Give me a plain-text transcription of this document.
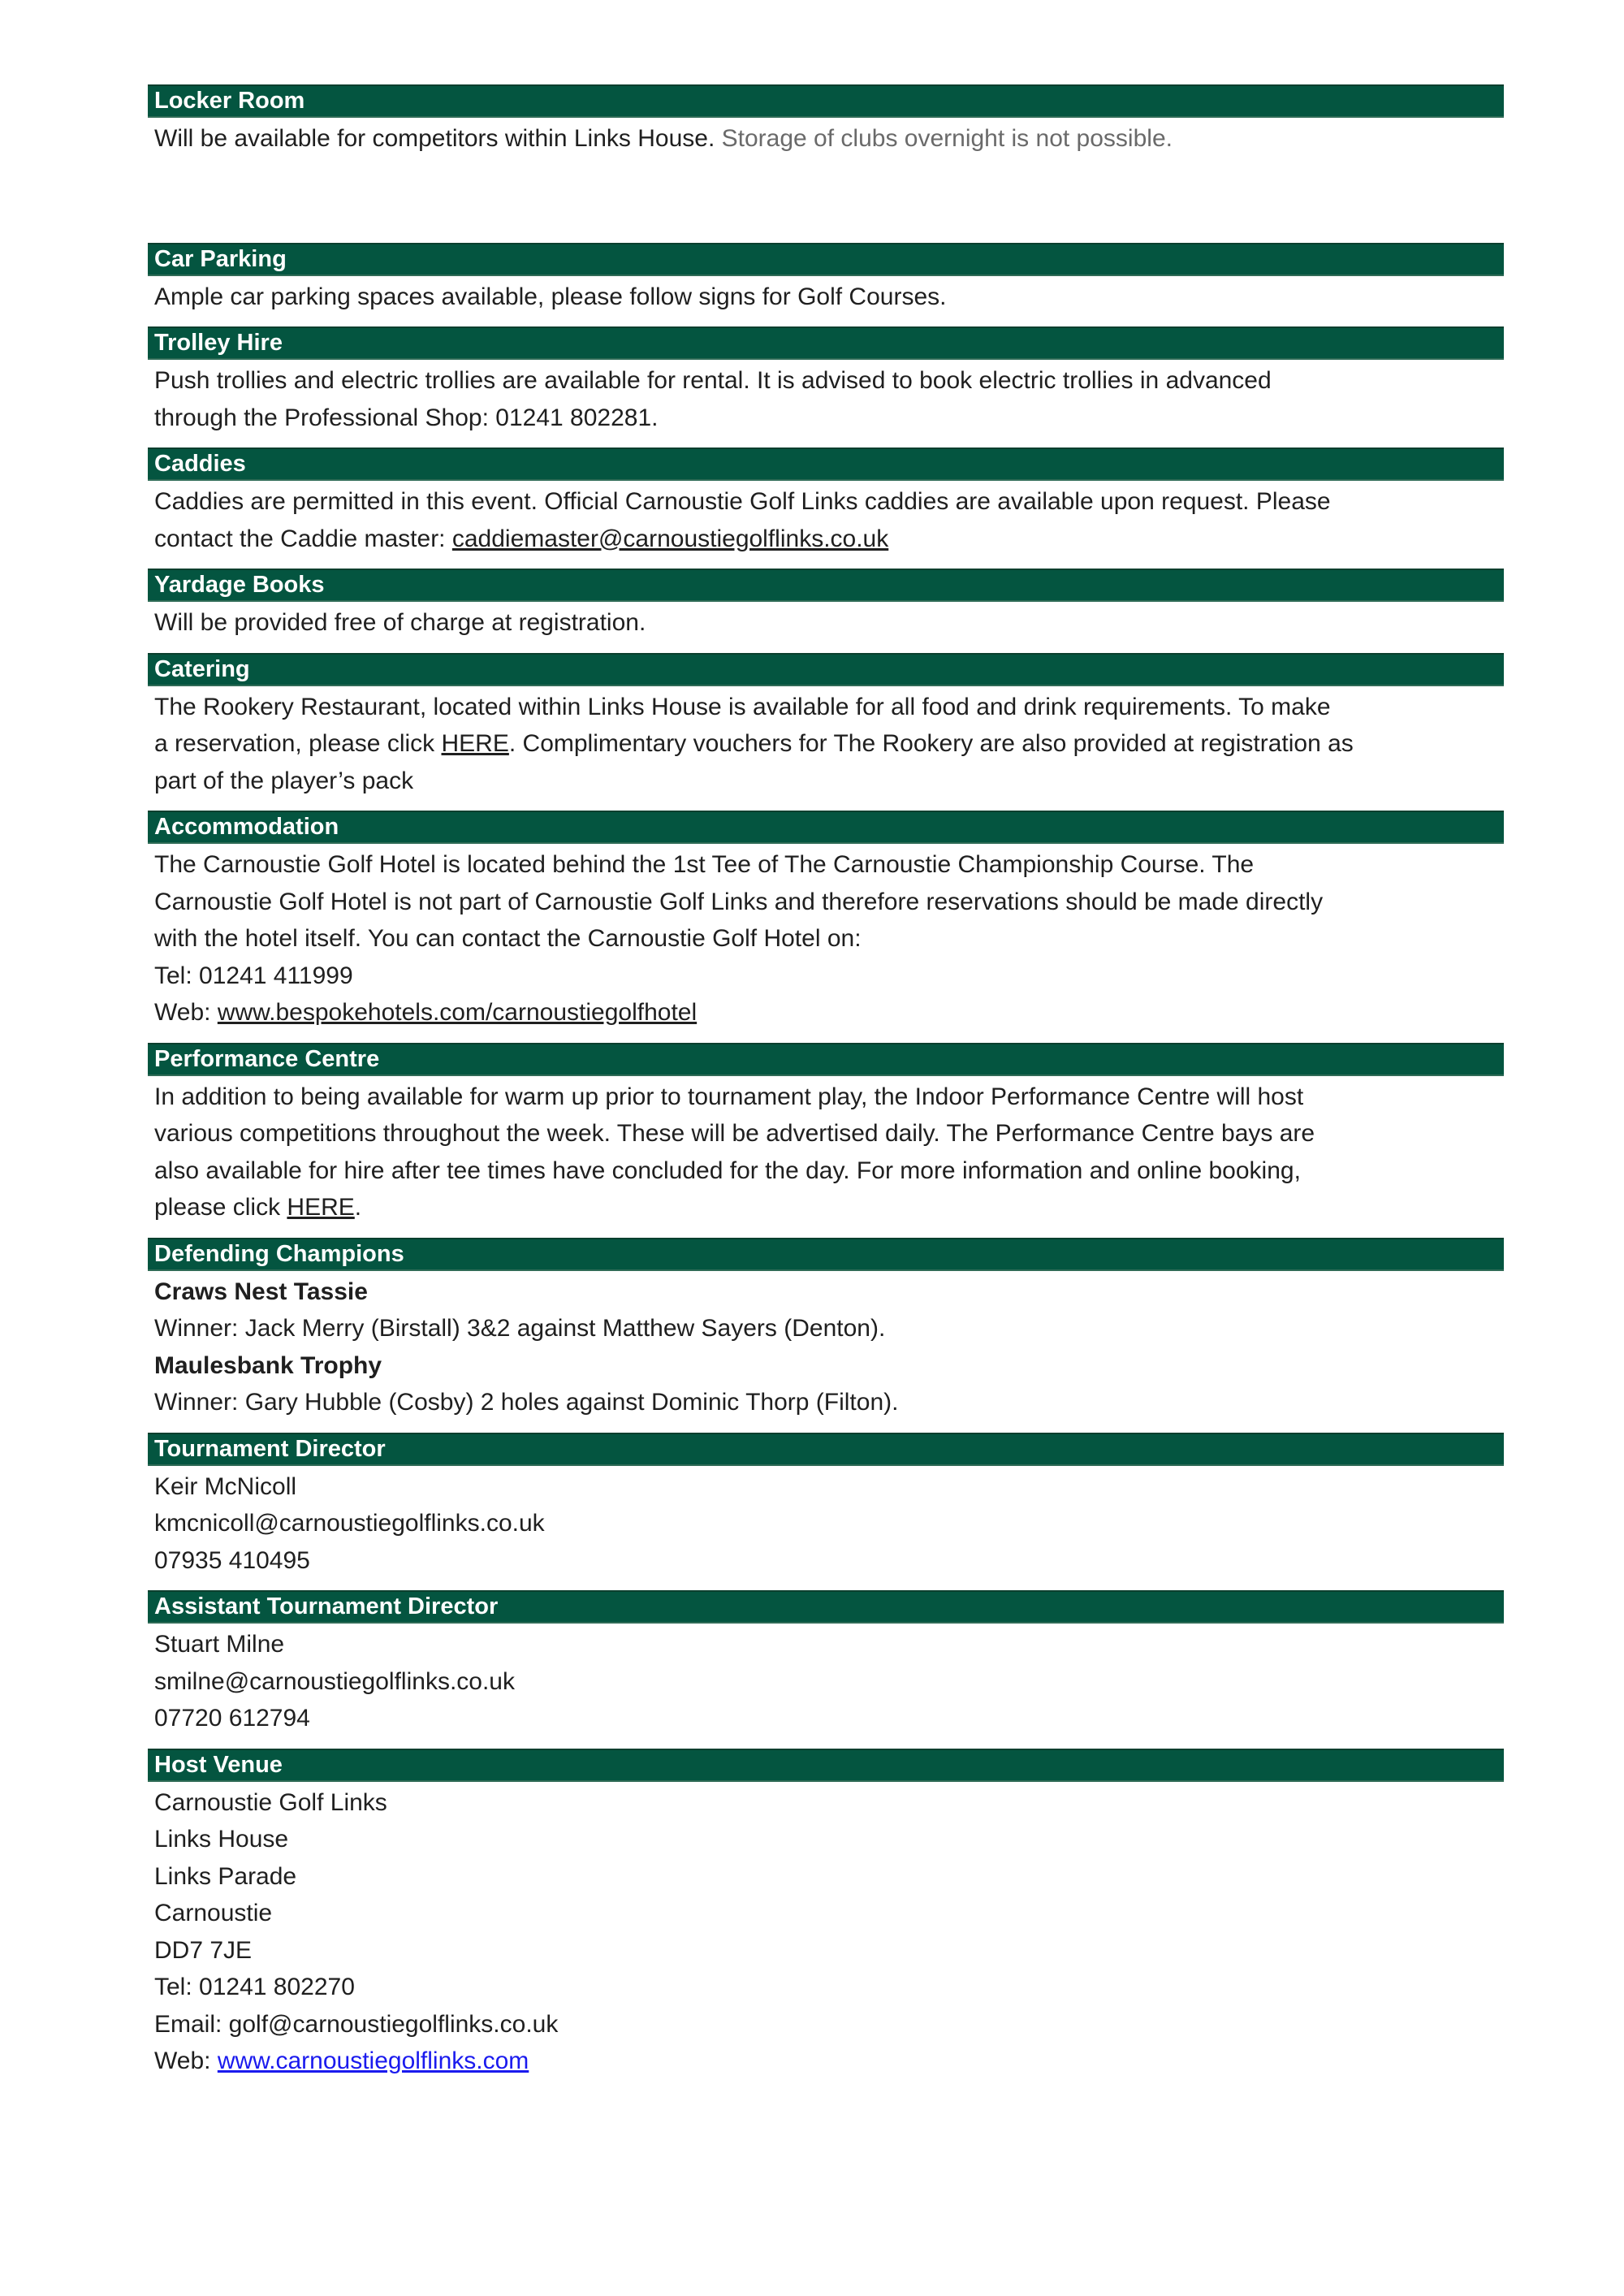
Locker Room
Will be available for competitors within Links House. Storage of clubs overnight is not possible.
Car Parking
Ample car parking spaces available, please follow signs for Golf Courses.
Trolley Hire
Push trollies and electric trollies are available for rental. It is advised to book electric trollies in advanced
through the Professional Shop: 01241 802281.
Caddies
Caddies are permitted in this event. Official Carnoustie Golf Links caddies are available upon request. Please
contact the Caddie master: caddiemaster@carnoustiegolflinks.co.uk
Yardage Books
Will be provided free of charge at registration.
Catering
The Rookery Restaurant, located within Links House is available for all food and drink requirements. To make
a reservation, please click HERE. Complimentary vouchers for The Rookery are also provided at registration as
part of the player’s pack
Accommodation
The Carnoustie Golf Hotel is located behind the 1st Tee of The Carnoustie Championship Course. The
Carnoustie Golf Hotel is not part of Carnoustie Golf Links and therefore reservations should be made directly
with the hotel itself. You can contact the Carnoustie Golf Hotel on:
Tel: 01241 411999
Web: www.bespokehotels.com/carnoustiegolfhotel
Performance Centre
In addition to being available for warm up prior to tournament play, the Indoor Performance Centre will host
various competitions throughout the week. These will be advertised daily. The Performance Centre bays are
also available for hire after tee times have concluded for the day. For more information and online booking,
please click HERE.
Defending Champions
Craws Nest Tassie
Winner: Jack Merry (Birstall) 3&2 against Matthew Sayers (Denton).
Maulesbank Trophy
Winner: Gary Hubble (Cosby) 2 holes against Dominic Thorp (Filton).
Tournament Director
Keir McNicoll
kmcnicoll@carnoustiegolflinks.co.uk
07935 410495
Assistant Tournament Director
Stuart Milne
smilne@carnoustiegolflinks.co.uk
07720 612794
Host Venue
Carnoustie Golf Links
Links House
Links Parade
Carnoustie
DD7 7JE
Tel: 01241 802270
Email: golf@carnoustiegolflinks.co.uk
Web: www.carnoustiegolflinks.com
